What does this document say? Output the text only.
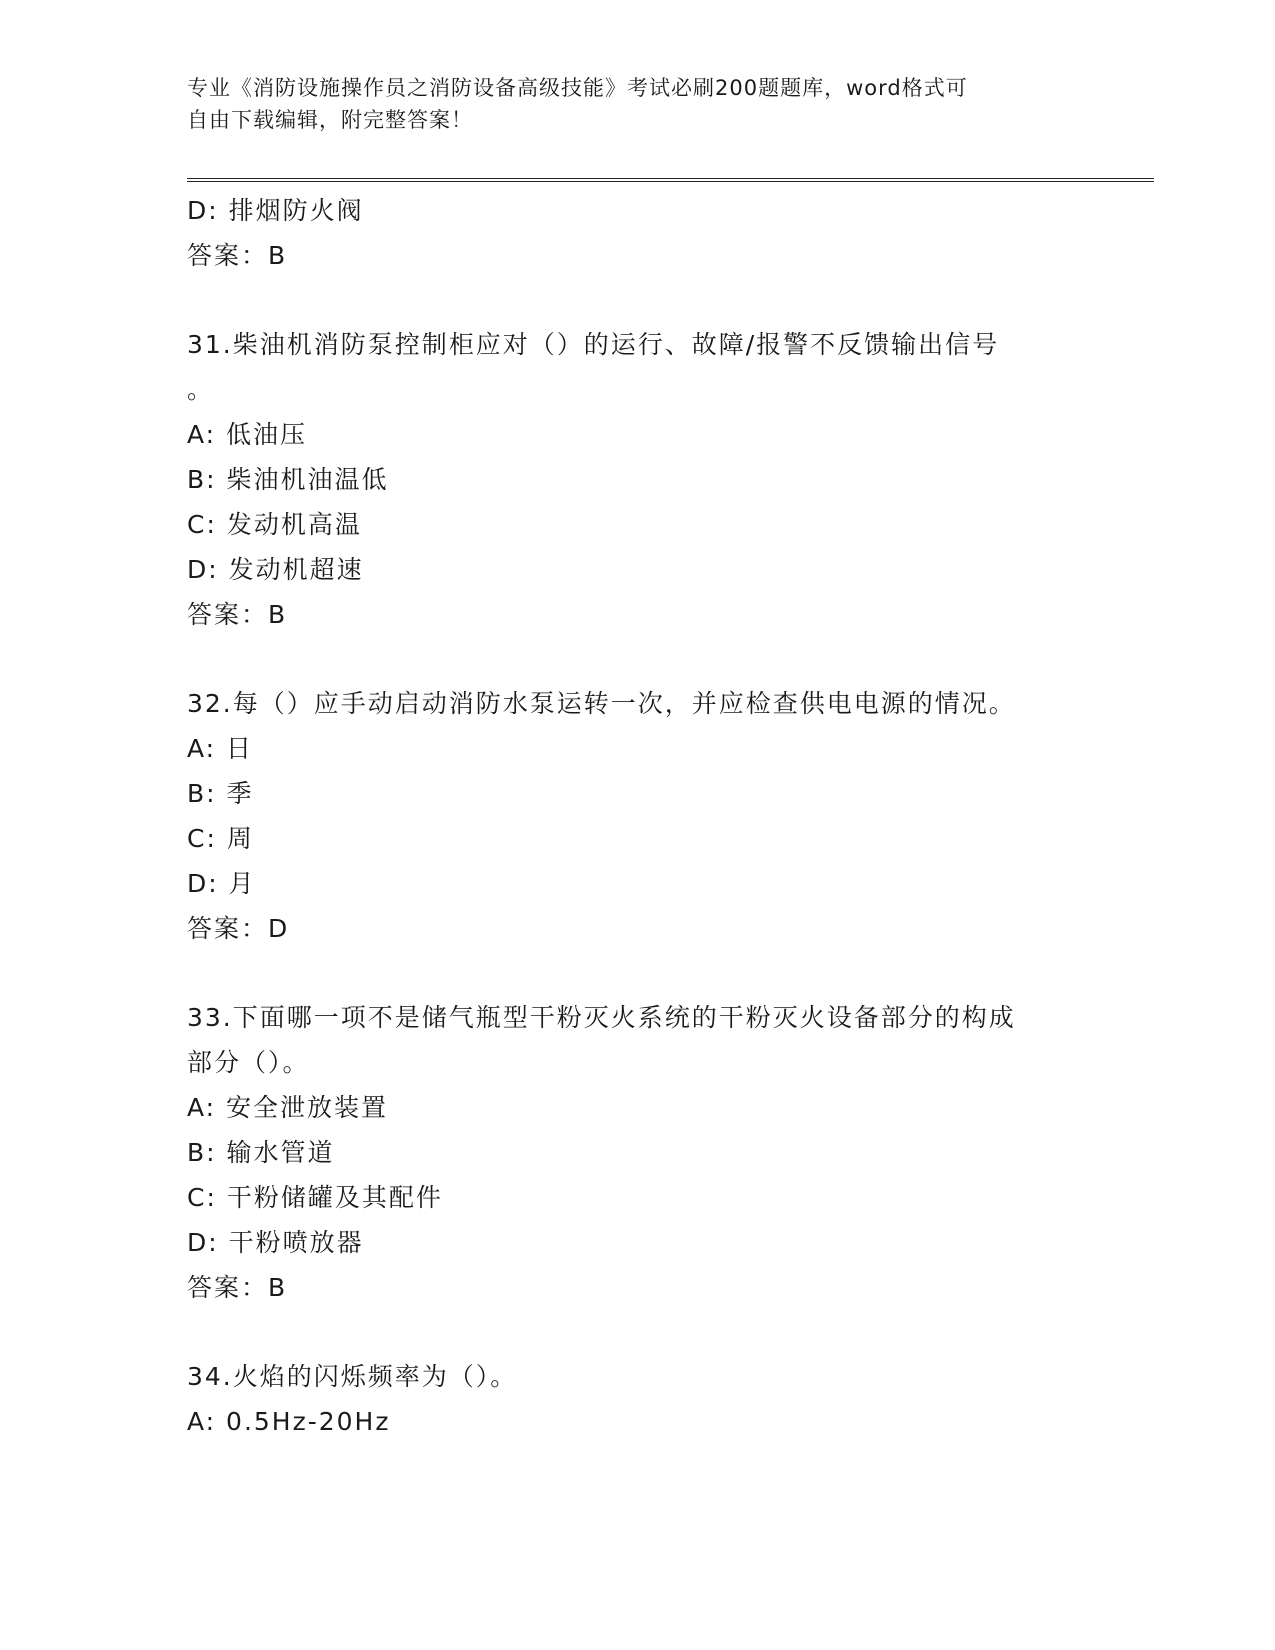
专业《消防设施操作员之消防设备高级技能》考试必刷200题题库，word格式可
自由下载编辑，附完整答案！
D: 排烟防火阀
答案：B
31.柴油机消防泵控制柜应对（）的运行、故障/报警不反馈输出信号
。
A: 低油压
B: 柴油机油温低
C: 发动机高温
D: 发动机超速
答案：B
32.每（）应手动启动消防水泵运转一次，并应检查供电电源的情况。
A: 日
B: 季
C: 周
D: 月
答案：D
33.下面哪一项不是储气瓶型干粉灭火系统的干粉灭火设备部分的构成
部分（）。
A: 安全泄放装置
B: 输水管道
C: 干粉储罐及其配件
D: 干粉喷放器
答案：B
34.火焰的闪烁频率为（）。
A: 0.5Hz-20Hz
